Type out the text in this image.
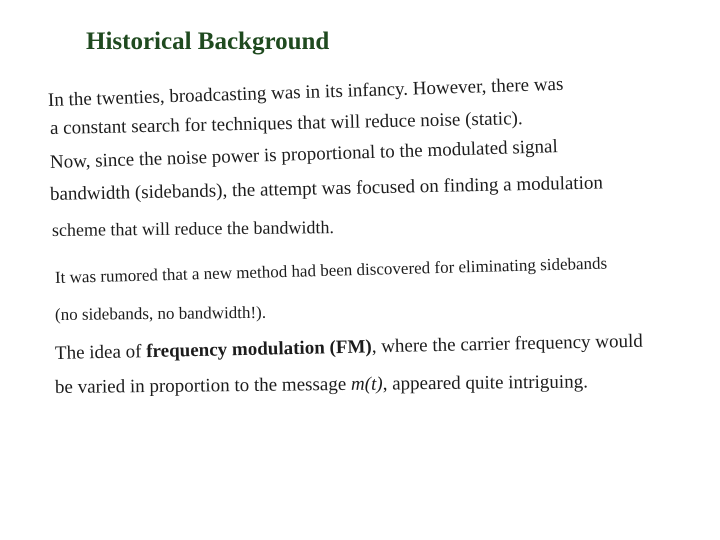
Historical Background
In the twenties, broadcasting was in its infancy. However, there was
a constant search for techniques that will reduce noise (static).
Now, since the noise power is proportional to the modulated signal
bandwidth (sidebands), the attempt was focused on finding a modulation
scheme that will reduce the bandwidth.
It was rumored that a new method had been discovered for eliminating sidebands
(no sidebands, no bandwidth!).
The idea of frequency modulation (FM), where the carrier frequency would
be varied in proportion to the message m(t), appeared quite intriguing.
